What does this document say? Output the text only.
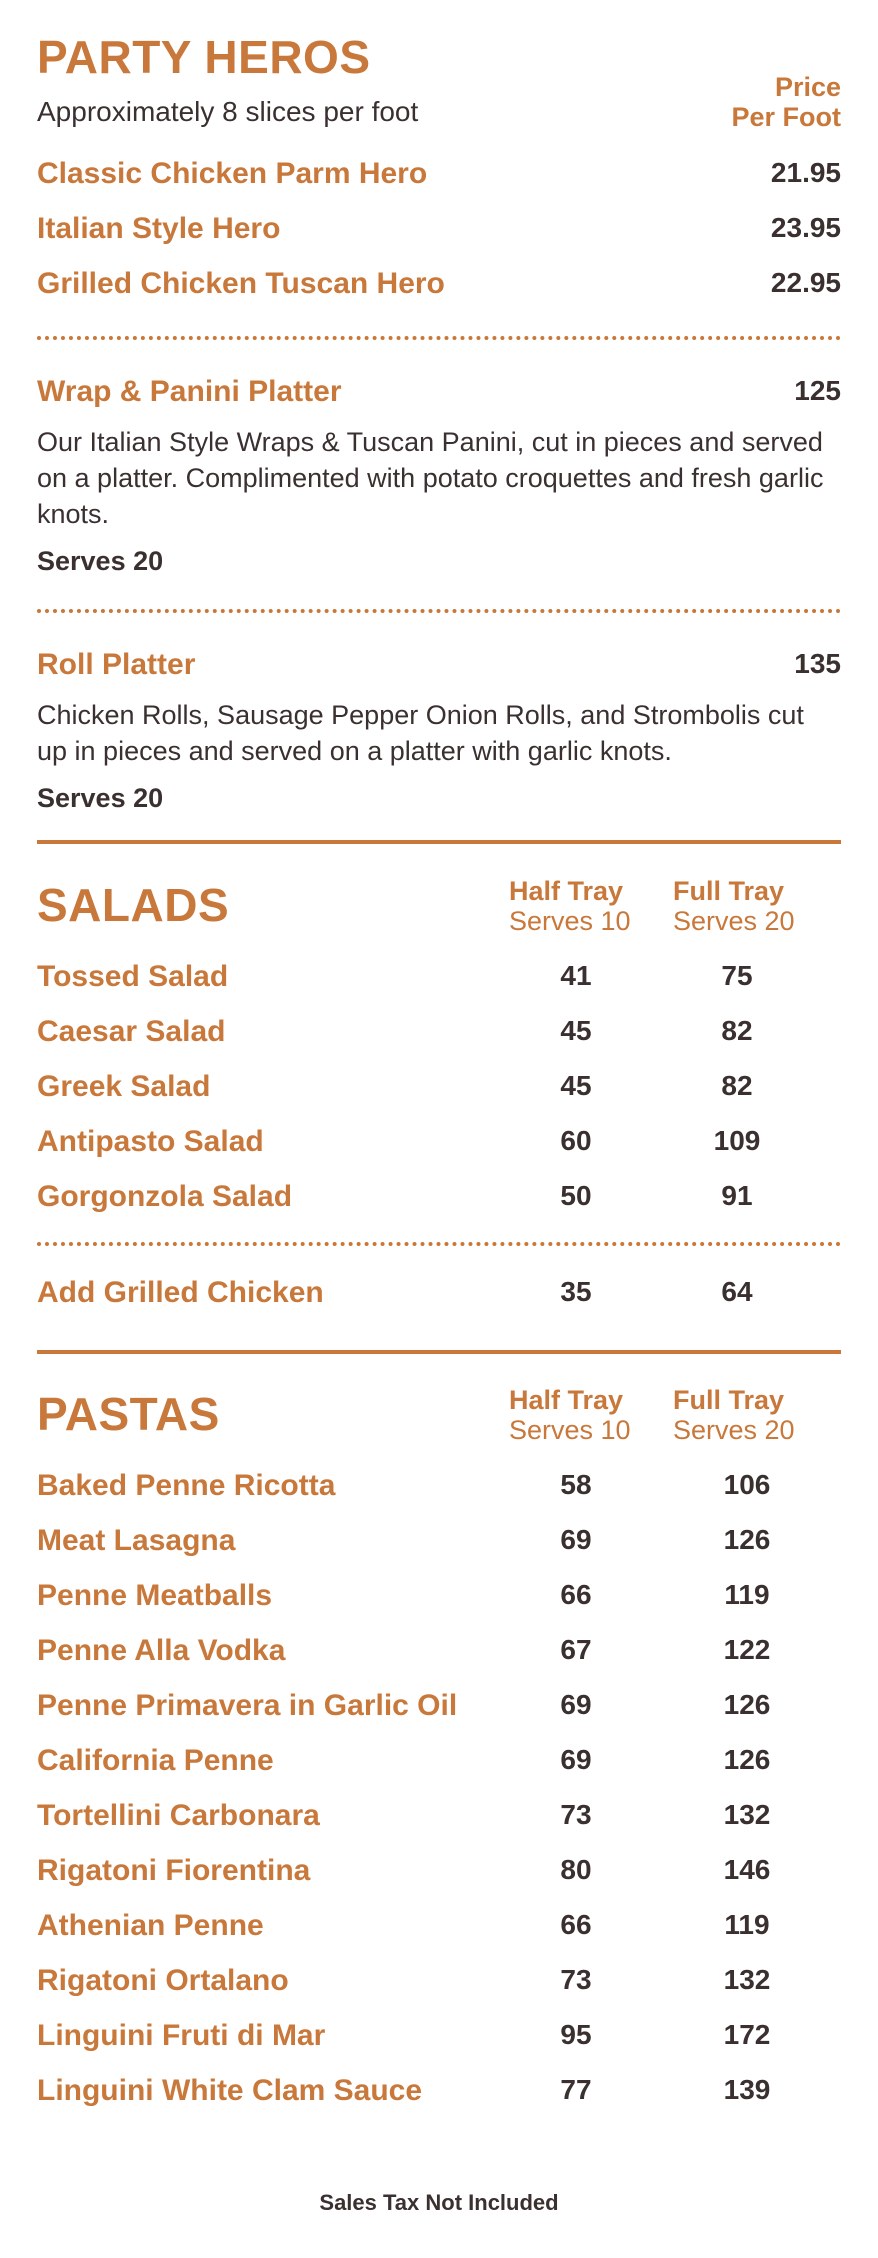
PARTY HEROS
Approximately 8 slices per foot
Price
Per Foot
Classic Chicken Parm Hero	21.95
Italian Style Hero	23.95
Grilled Chicken Tuscan Hero	22.95
Wrap & Panini Platter	125
Our Italian Style Wraps & Tuscan Panini, cut in pieces and served on a platter. Complimented with potato croquettes and fresh garlic knots.
Serves 20
Roll Platter	135
Chicken Rolls, Sausage Pepper Onion Rolls, and Strombolis cut up in pieces and served on a platter with garlic knots.
Serves 20
SALADS	Half Tray
Serves 10
Full Tray
Serves 20
Tossed Salad	41	75
Caesar Salad	45	82
Greek Salad	45	82
Antipasto Salad	60	109
Gorgonzola Salad	50	91
Add Grilled Chicken	35	64
PASTAS	Half Tray
Serves 10
Full Tray
Serves 20
Baked Penne Ricotta	58	106
Meat Lasagna	69	126
Penne Meatballs	66	119
Penne Alla Vodka	67	122
Penne Primavera in Garlic Oil	69	126
California Penne	69	126
Tortellini Carbonara	73	132
Rigatoni Fiorentina	80	146
Athenian Penne	66	119
Rigatoni Ortalano	73	132
Linguini Fruti di Mar	95	172
Linguini White Clam Sauce	77	139
Sales Tax Not Included
